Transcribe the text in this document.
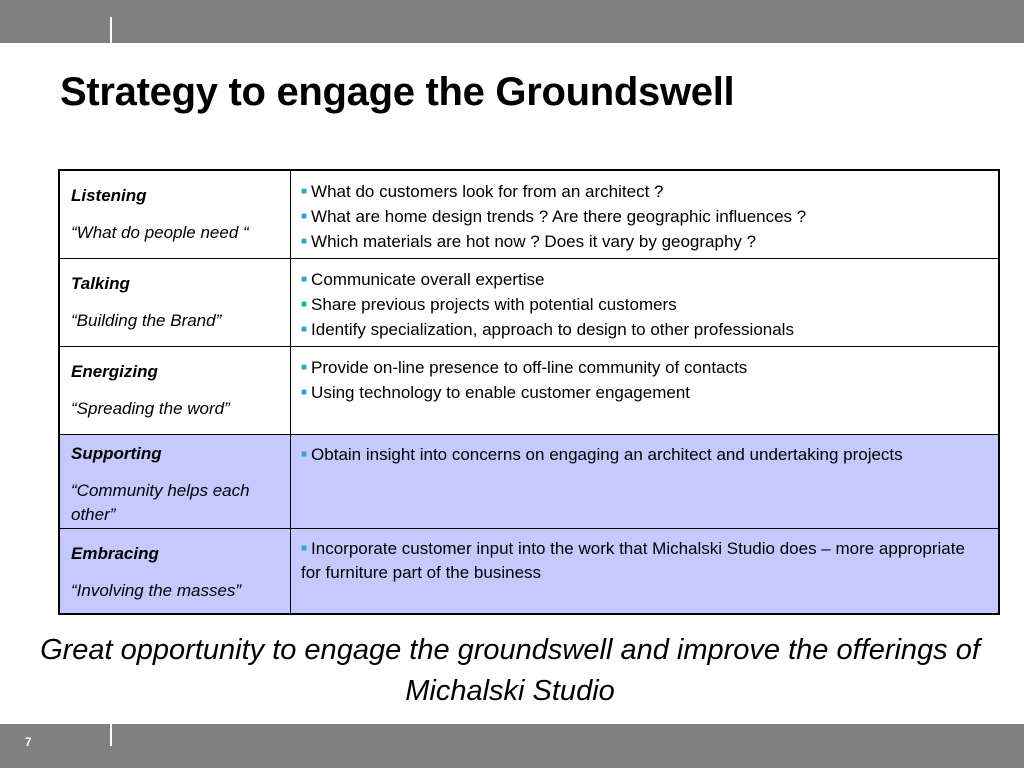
Strategy to engage the Groundswell
Listening
“What do people need “
■ What do customers look for from an architect ?
■ What are home design trends ? Are there geographic influences ?
■ Which materials are hot now ? Does it vary by geography ?
Talking
“Building the Brand”
■ Communicate overall expertise
■ Share previous projects with potential customers
■ Identify specialization, approach to design to other professionals
Energizing
“Spreading the word”
■ Provide on-line presence to off-line community of contacts
■ Using technology to enable customer engagement
Supporting
“Community helps each other”
■ Obtain insight into concerns on engaging an architect and undertaking projects
Embracing
“Involving the masses”
■ Incorporate customer input into the work that Michalski Studio does – more appropriate for furniture part of the business
Great opportunity to engage the groundswell and improve the offerings of Michalski Studio
7
